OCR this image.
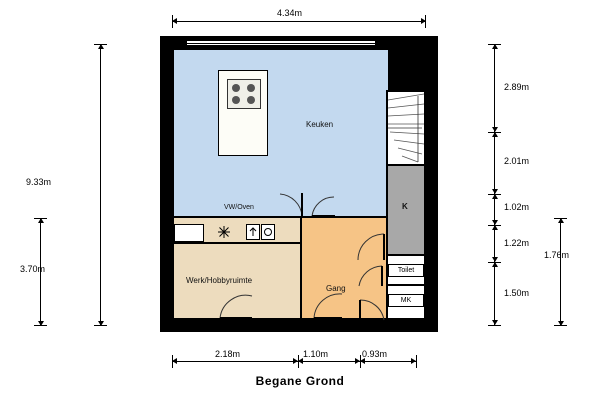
Keuken
Werk/Hobbyruimte
Gang
K
Toilet
MK
VW/Oven
4.34m
9.33m
3.70m
2.89m
2.01m
1.02m
1.22m
1.50m
1.76m
2.18m	1.10m	0.93m
Begane Grond
